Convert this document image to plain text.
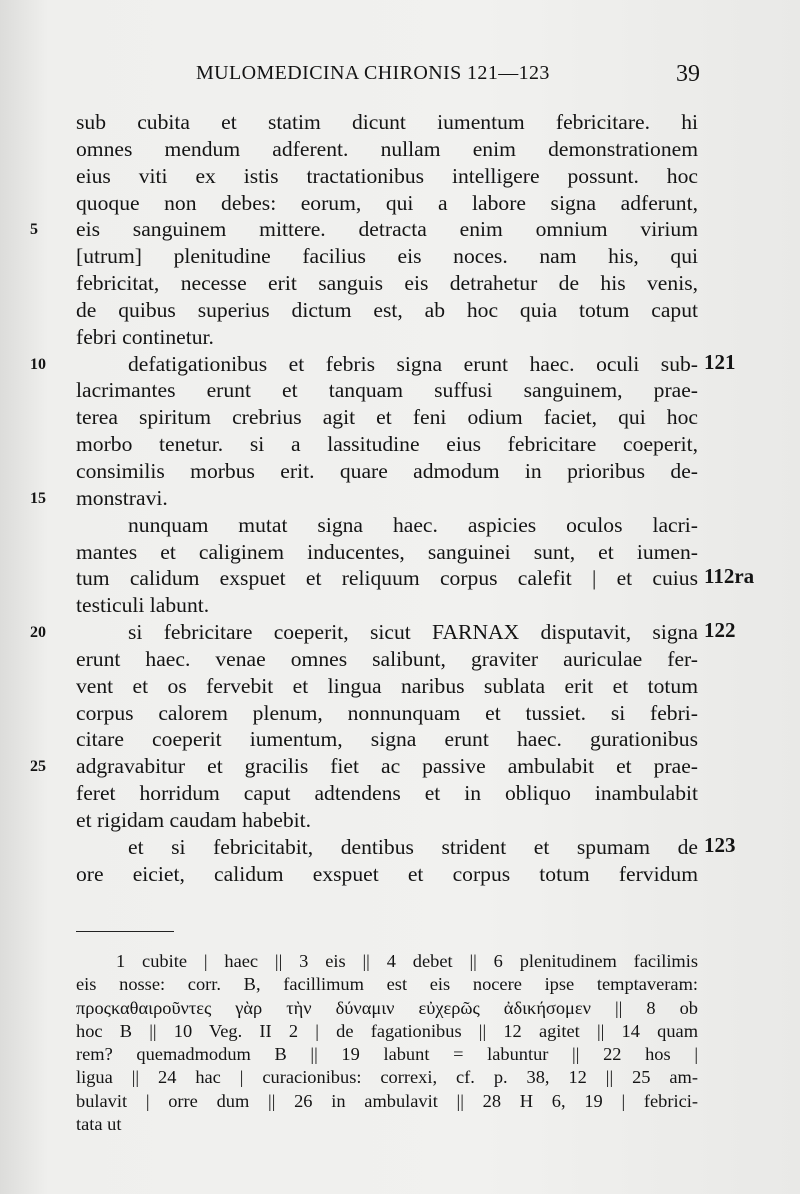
MULOMEDICINA CHIRONIS 121—123	39
sub cubita et statim dicunt iumentum febricitare. hi
omnes mendum adferent. nullam enim demonstrationem
eius viti ex istis tractationibus intelligere possunt. hoc
quoque non debes: eorum, qui a labore signa adferunt,
eis sanguinem mittere. detracta enim omnium virium
5
[utrum] plenitudine facilius eis noces. nam his, qui
febricitat, necesse erit sanguis eis detrahetur de his venis,
de quibus superius dictum est, ab hoc quia totum caput
febri continetur.
defatigationibus et febris signa erunt haec. oculi sub-
10	121
lacrimantes erunt et tanquam suffusi sanguinem, prae-
terea spiritum crebrius agit et feni odium faciet, qui hoc
morbo tenetur. si a lassitudine eius febricitare coeperit,
consimilis morbus erit. quare admodum in prioribus de-
monstravi.
15
nunquam mutat signa haec. aspicies oculos lacri-
mantes et caliginem inducentes, sanguinei sunt, et iumen-
tum calidum exspuet et reliquum corpus calefit | et cuius 112ra
testiculi labunt.
si febricitare coeperit, sicut FARNAX disputavit, signa
20	122
erunt haec. venae omnes salibunt, graviter auriculae fer-
vent et os fervebit et lingua naribus sublata erit et totum
corpus calorem plenum, nonnunquam et tussiet. si febri-
citare coeperit iumentum, signa erunt haec. gurationibus
adgravabitur et gracilis fiet ac passive ambulabit et prae-
25
feret horridum caput adtendens et in obliquo inambulabit
et rigidam caudam habebit.
et si febricitabit, dentibus strident et spumam de 123
ore eiciet, calidum exspuet et corpus totum fervidum
1 cubite | haec || 3 eis || 4 debet || 6 plenitudinem facilimis
eis nosse: corr. B, facillimum est eis nocere ipse temptaveram:
προςκαθαιροῦντες γὰρ τὴν δύναμιν εὐχερῶς ἀδικήσομεν || 8 ob
hoc B || 10 Veg. II 2 | de fagationibus || 12 agitet || 14 quam
rem? quemadmodum B || 19 labunt = labuntur || 22 hos |
ligua || 24 hac | curacionibus: correxi, cf. p. 38, 12 || 25 am-
bulavit | orre dum || 26 in ambulavit || 28 H 6, 19 | febrici-
tata ut
